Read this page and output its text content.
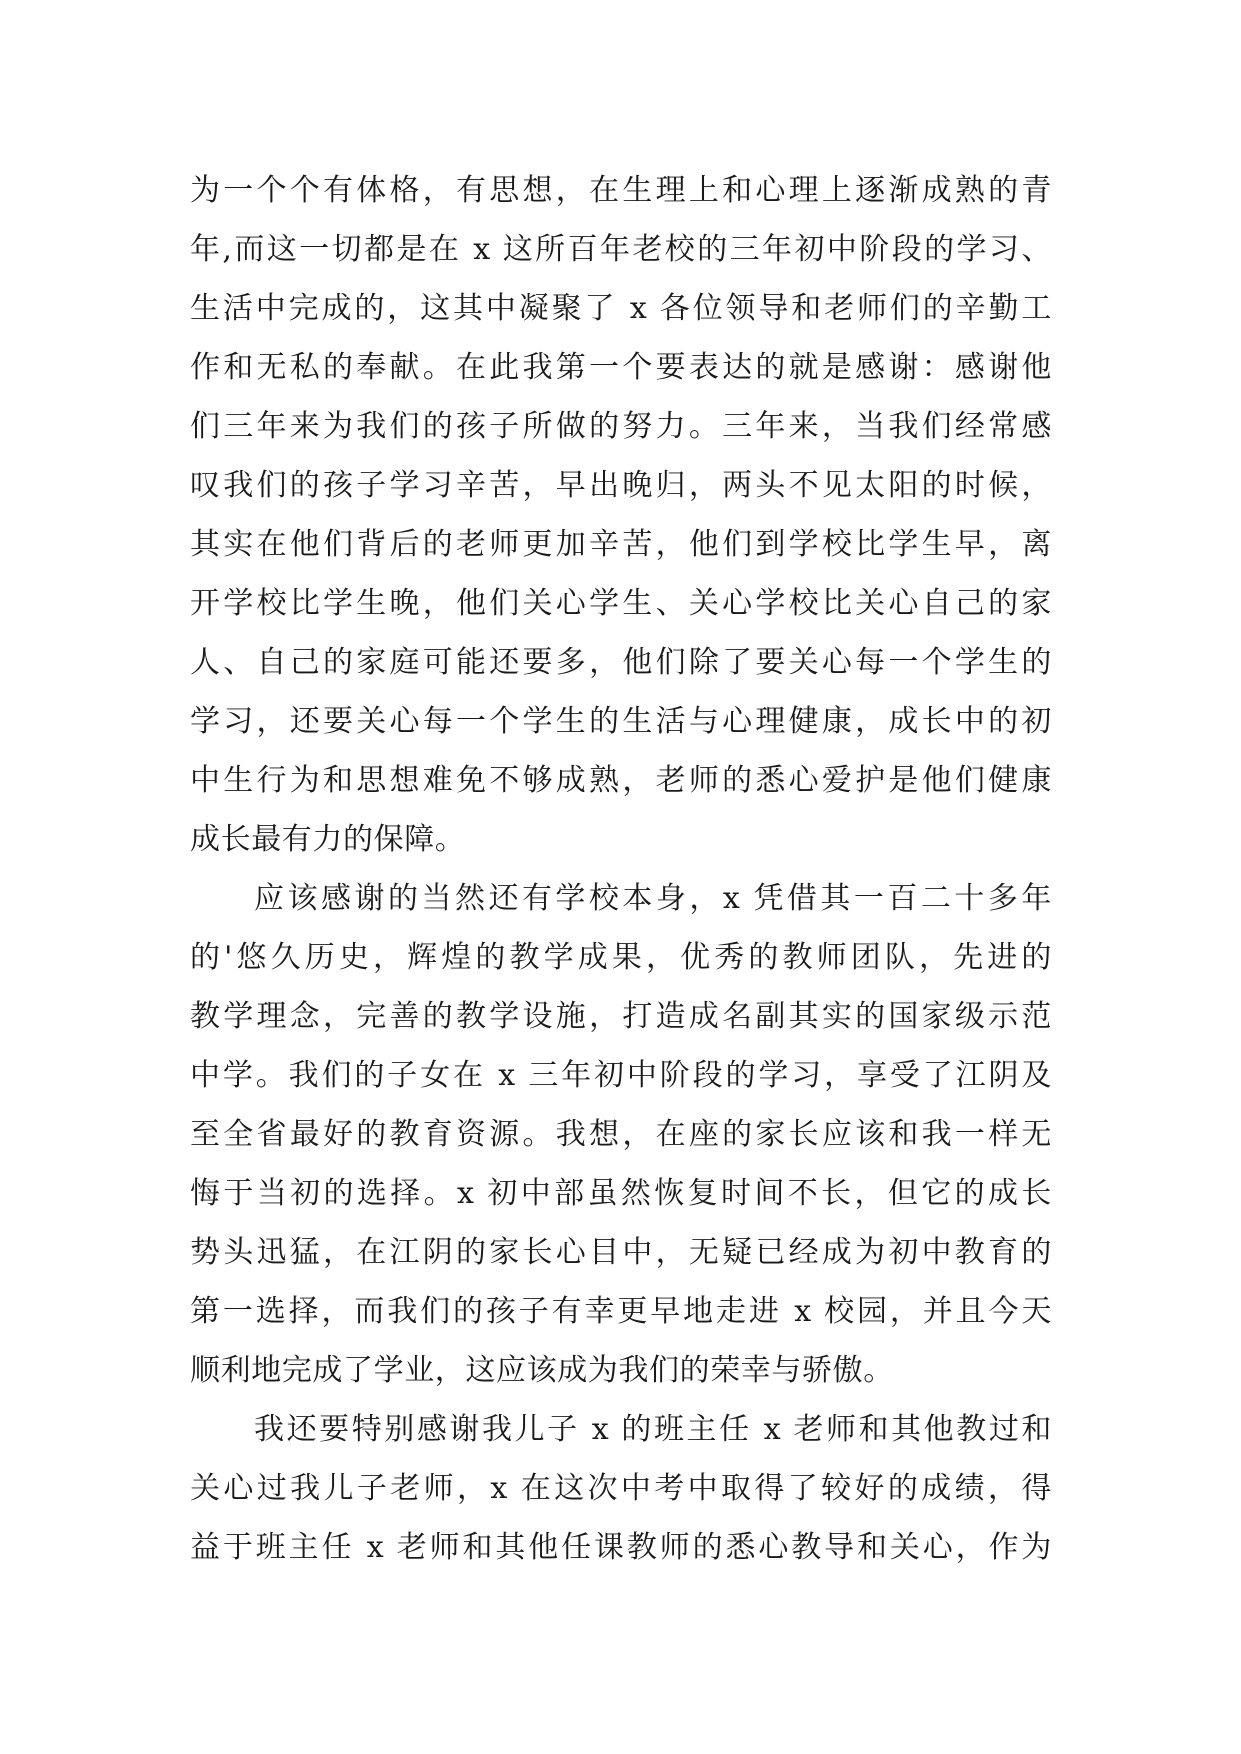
为一个个有体格，有思想，在生理上和心理上逐渐成熟的青
年,而这一切都是在 x 这所百年老校的三年初中阶段的学习、
生活中完成的，这其中凝聚了 x 各位领导和老师们的辛勤工
作和无私的奉献。在此我第一个要表达的就是感谢：感谢他
们三年来为我们的孩子所做的努力。三年来，当我们经常感
叹我们的孩子学习辛苦，早出晚归，两头不见太阳的时候，
其实在他们背后的老师更加辛苦，他们到学校比学生早，离
开学校比学生晚，他们关心学生、关心学校比关心自己的家
人、自己的家庭可能还要多，他们除了要关心每一个学生的
学习，还要关心每一个学生的生活与心理健康，成长中的初
中生行为和思想难免不够成熟，老师的悉心爱护是他们健康
成长最有力的保障。
应该感谢的当然还有学校本身，x 凭借其一百二十多年
的'悠久历史，辉煌的教学成果，优秀的教师团队，先进的
教学理念，完善的教学设施，打造成名副其实的国家级示范
中学。我们的子女在 x 三年初中阶段的学习，享受了江阴及
至全省最好的教育资源。我想，在座的家长应该和我一样无
悔于当初的选择。x 初中部虽然恢复时间不长，但它的成长
势头迅猛，在江阴的家长心目中，无疑已经成为初中教育的
第一选择，而我们的孩子有幸更早地走进 x 校园，并且今天
顺利地完成了学业，这应该成为我们的荣幸与骄傲。
我还要特别感谢我儿子 x 的班主任 x 老师和其他教过和
关心过我儿子老师，x 在这次中考中取得了较好的成绩，得
益于班主任 x 老师和其他任课教师的悉心教导和关心，作为
